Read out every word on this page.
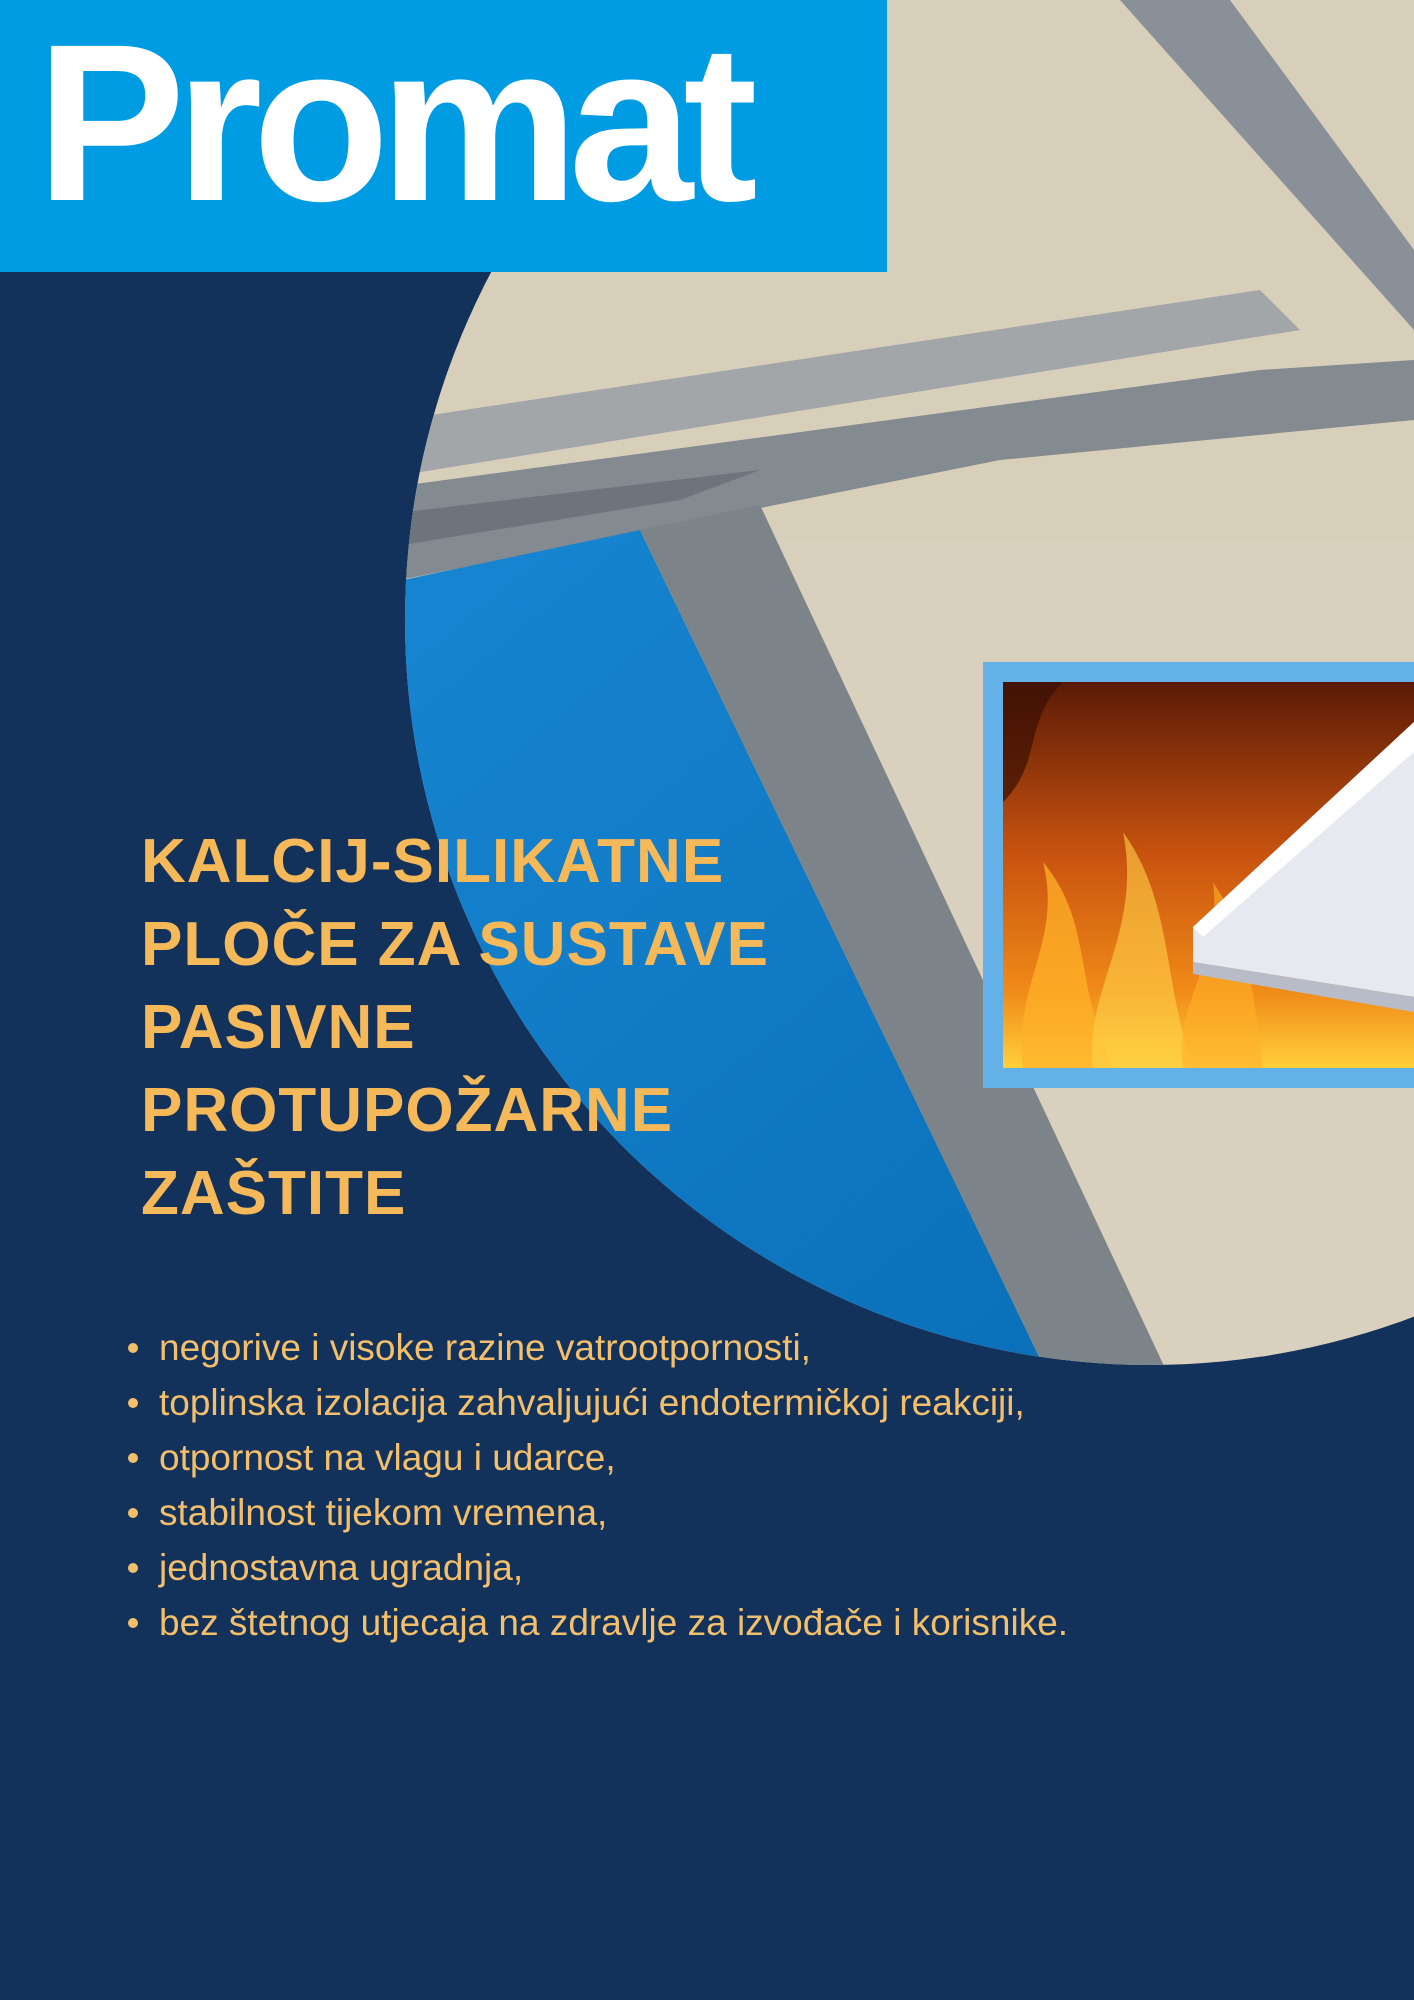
Promat
KALCIJ-SILIKATNE
PLOČE ZA SUSTAVE
PASIVNE
PROTUPOŽARNE
ZAŠTITE
negorive i visoke razine vatrootpornosti,
toplinska izolacija zahvaljujući endotermičkoj reakciji,
otpornost na vlagu i udarce,
stabilnost tijekom vremena,
jednostavna ugradnja,
bez štetnog utjecaja na zdravlje za izvođače i korisnike.
